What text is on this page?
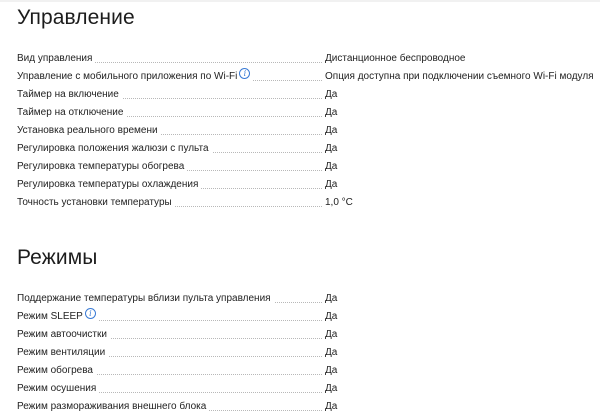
Управление
Вид управления	Дистанционное беспроводное
Управление с мобильного приложения по Wi-Fi i	Опция доступна при подключении съемного Wi-Fi модуля
Таймер на включение	Да
Таймер на отключение	Да
Установка реального времени	Да
Регулировка положения жалюзи с пульта	Да
Регулировка температуры обогрева	Да
Регулировка температуры охлаждения	Да
Точность установки температуры	1,0 °C
Режимы
Поддержание температуры вблизи пульта управления	Да
Режим SLEEP i	Да
Режим автоочистки	Да
Режим вентиляции	Да
Режим обогрева	Да
Режим осушения	Да
Режим размораживания внешнего блока	Да
